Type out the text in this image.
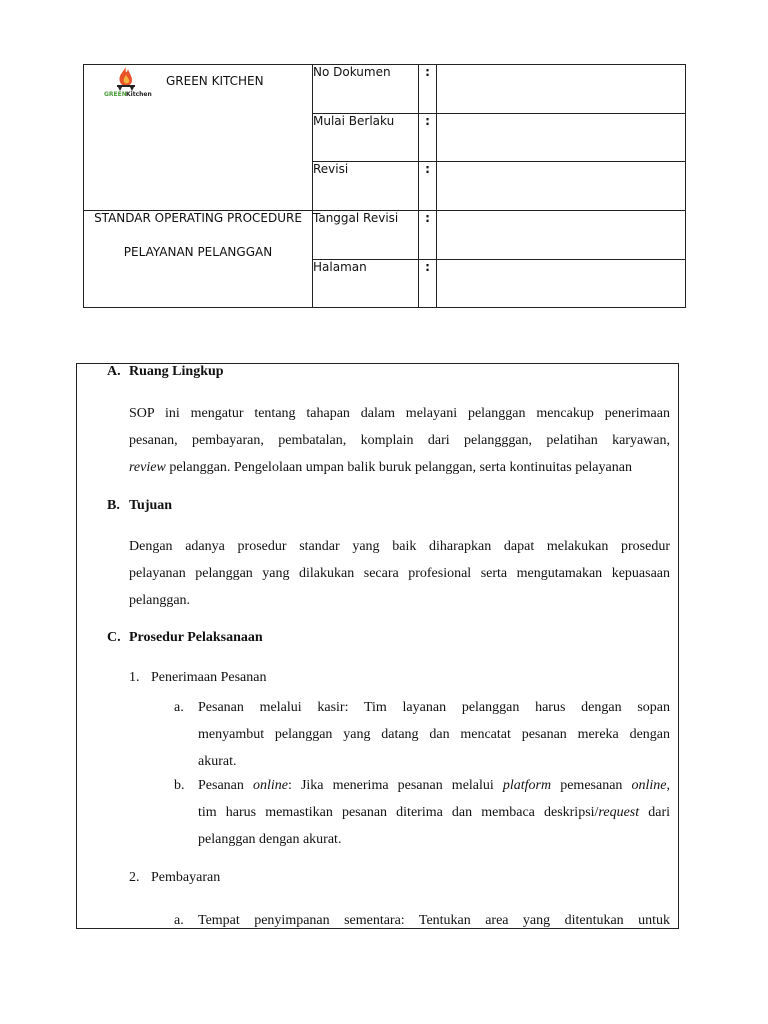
GREEN Kitchen
GREEN KITCHEN	No Dokumen	:	
	Mulai Berlaku	:	
	Revisi	:	

STANDAR OPERATING PROCEDURE
PELAYANAN PELANGGAN	Tanggal Revisi	:	
	Halaman	:	
A. Ruang Lingkup
SOP ini mengatur tentang tahapan dalam melayani pelanggan mencakup penerimaan
pesanan, pembayaran, pembatalan, komplain dari pelangggan, pelatihan karyawan,
review pelanggan. Pengelolaan umpan balik buruk pelanggan, serta kontinuitas pelayanan
B. Tujuan
Dengan adanya prosedur standar yang baik diharapkan dapat melakukan prosedur
pelayanan pelanggan yang dilakukan secara profesional serta mengutamakan kepuasaan
pelanggan.
C. Prosedur Pelaksanaan
1. Penerimaan Pesanan
a.	Pesanan melalui kasir: Tim layanan pelanggan harus dengan sopan
menyambut pelanggan yang datang dan mencatat pesanan mereka dengan
akurat.
b. Pesanan online: Jika menerima pesanan melalui platform pemesanan online,
tim harus memastikan pesanan diterima dan membaca deskripsi/request dari
pelanggan dengan akurat.
2. Pembayaran
a.	Tempat penyimpanan sementara: Tentukan area yang ditentukan untuk
